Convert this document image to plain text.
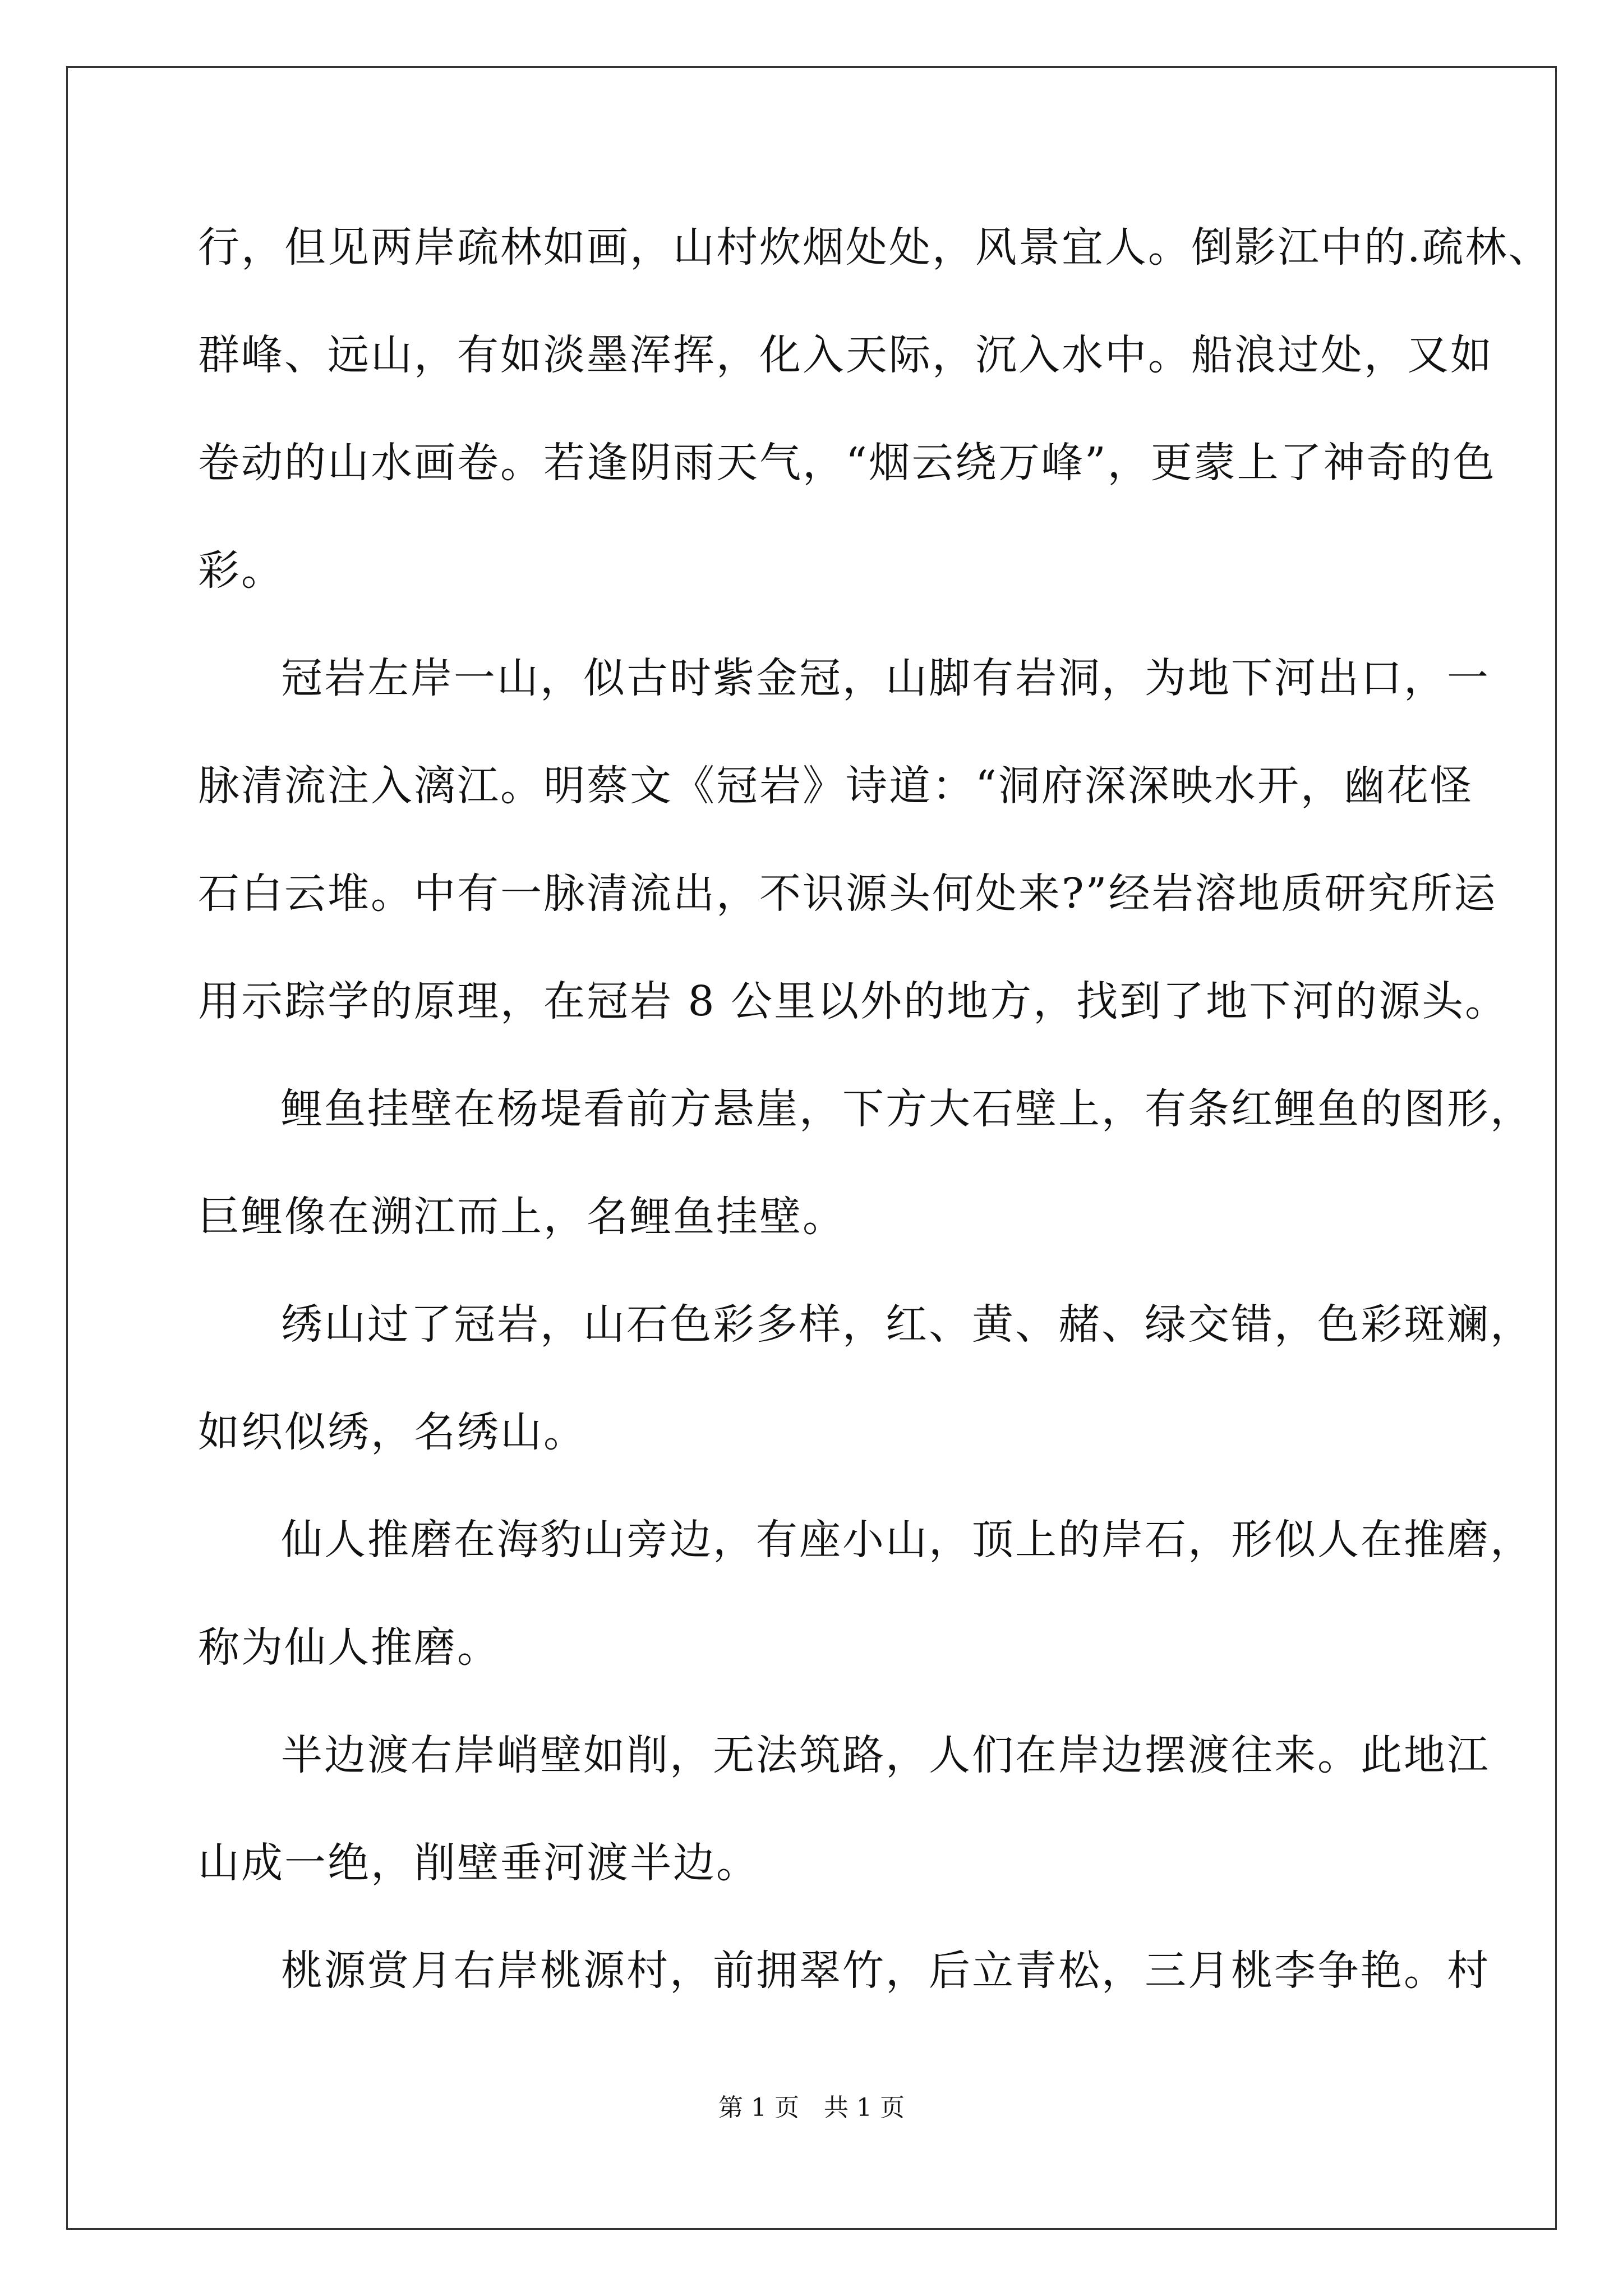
行，但见两岸疏林如画，山村炊烟处处，风景宜人。倒影江中的.疏林、
群峰、远山，有如淡墨浑挥，化入天际，沉入水中。船浪过处，又如
卷动的山水画卷。若逢阴雨天气，“烟云绕万峰”，更蒙上了神奇的色
彩。
冠岩左岸一山，似古时紫金冠，山脚有岩洞，为地下河出口，一
脉清流注入漓江。明蔡文《冠岩》诗道：“洞府深深映水开，幽花怪
石白云堆。中有一脉清流出，不识源头何处来?”经岩溶地质研究所运
用示踪学的原理，在冠岩 8 公里以外的地方，找到了地下河的源头。
鲤鱼挂壁在杨堤看前方悬崖，下方大石壁上，有条红鲤鱼的图形，
巨鲤像在溯江而上，名鲤鱼挂壁。
绣山过了冠岩，山石色彩多样，红、黄、赭、绿交错，色彩斑斓，
如织似绣，名绣山。
仙人推磨在海豹山旁边，有座小山，顶上的岸石，形似人在推磨，
称为仙人推磨。
半边渡右岸峭壁如削，无法筑路，人们在岸边摆渡往来。此地江
山成一绝，削壁垂河渡半边。
桃源赏月右岸桃源村，前拥翠竹，后立青松，三月桃李争艳。村
第 1 页　共 1 页
